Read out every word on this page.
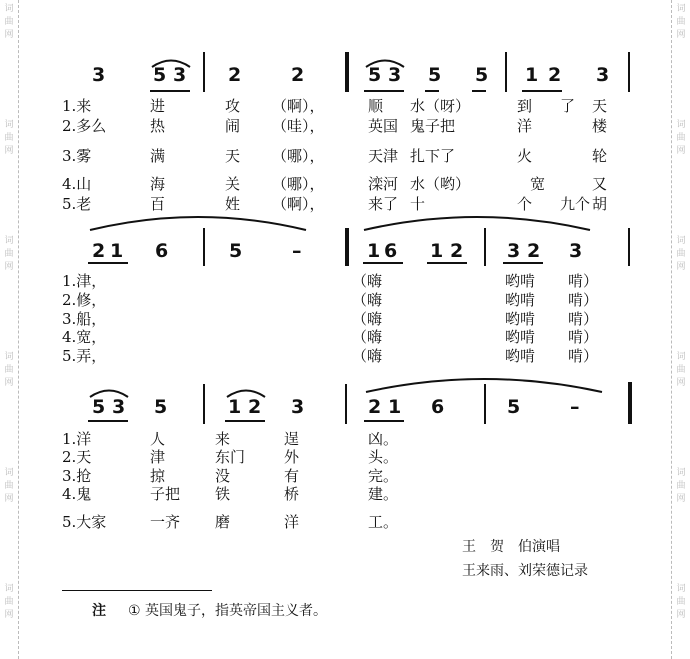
词
曲
网
词
曲
网
词
曲
网
词
曲
网
词
曲
网
词
曲
网
词
曲
网
词
曲
网
词
曲
网
词
曲
网
词
曲
网
词
曲
网
3	5 3 2	2	5 3 5 5 1 2 3
1.来	进	攻 （啊），	顺 水（呀）	到 了 天
2.多么	热	闹 （哇），	英国 鬼子把	洋	楼
3.雾	满	天 （哪），	天津 扎下了	火	轮
4.山	海	关 （哪），	滦河 水（哟）	宽	又
5.老	百	姓 （啊），	来了 十	个 九个 胡
2 1 6	5	–	1 6 1 2 3 2 3
1.津，	（嗨	哟啃 啃）
2.修，	（嗨	哟啃 啃）
3.船，	（嗨	哟啃 啃）
4.宽，	（嗨	哟啃 啃）
5.弄，	（嗨	哟啃 啃）
5 3 5	1 2 3	2 1 6	5	–
1.洋	人	来	逞	凶。
2.天	津	东门	外	头。
3.抢	掠	没	有	完。
4.鬼	子把 铁	桥	建。
5.大家	一齐 磨	洋	工。
王　贺　伯演唱
王来雨、刘荣德记录
注 ① 英国鬼子，指英帝国主义者。
